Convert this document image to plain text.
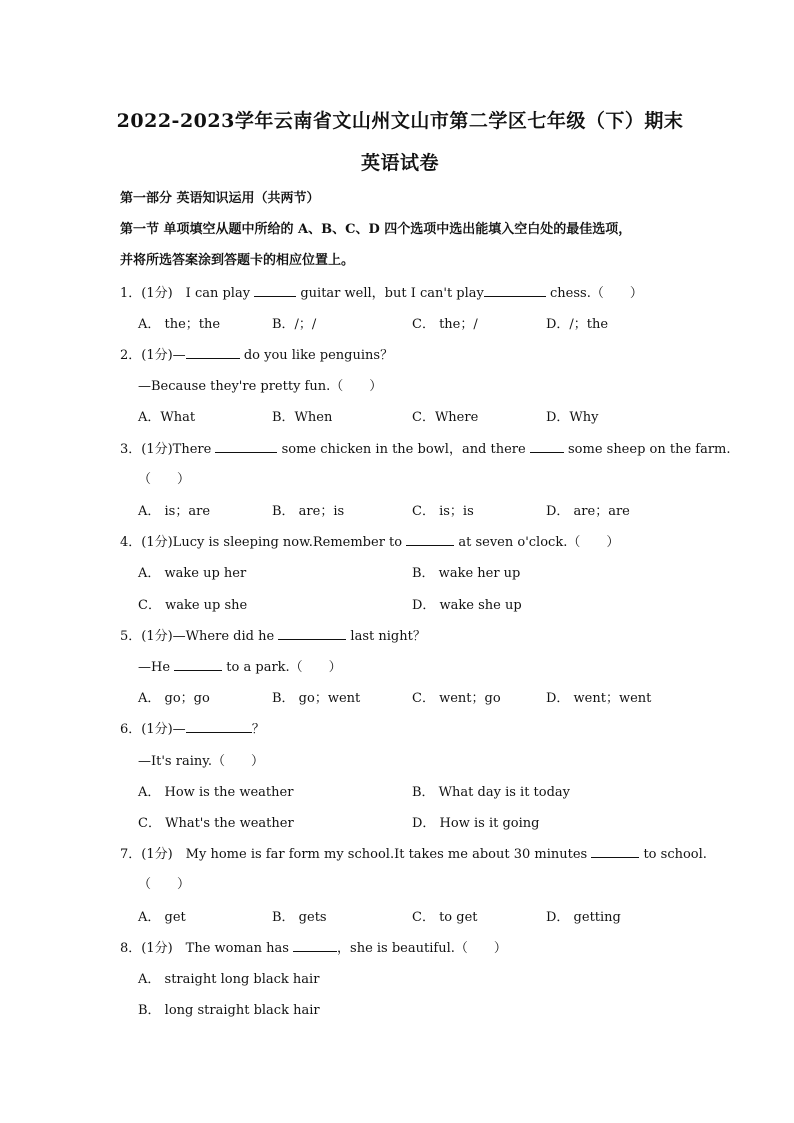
2022-2023学年云南省文山州文山市第二学区七年级（下）期末
英语试卷
第一部分 英语知识运用（共两节）
第一节 单项填空从题中所给的 A、B、C、D 四个选项中选出能填入空白处的最佳选项，
并将所选答案涂到答题卡的相应位置上。
1．(1分)　I can play	guitar well，but I can't play	chess.（　　）
A． the；the	B．/；/	C． the；/	D．/；the
2．(1分)—	do you like penguins？
—Because they're pretty fun.（　　）
A．What	B．When	C．Where	D．Why
3．(1分)There	some chicken in the bowl，and there	some sheep on the farm.
（　　）
A． is；are	B． are；is	C． is；is	D． are；are
4．(1分)Lucy is sleeping now.Remember to	at seven o'clock.（　　）
A． wake up her	B． wake her up
C． wake up she	D． wake she up
5．(1分)—Where did he	last night？
—He	to a park.（　　）
A． go；go	B． go；went	C． went；go	D． went；went
6．(1分)—	？
—It's rainy.（　　）
A． How is the weather	B． What day is it today
C． What's the weather	D． How is it going
7．(1分)　My home is far form my school.It takes me about 30 minutes	to school.
（　　）
A． get	B． gets	C． to get	D． getting
8．(1分)　The woman has	，she is beautiful.（　　）
A． straight long black hair
B． long straight black hair
